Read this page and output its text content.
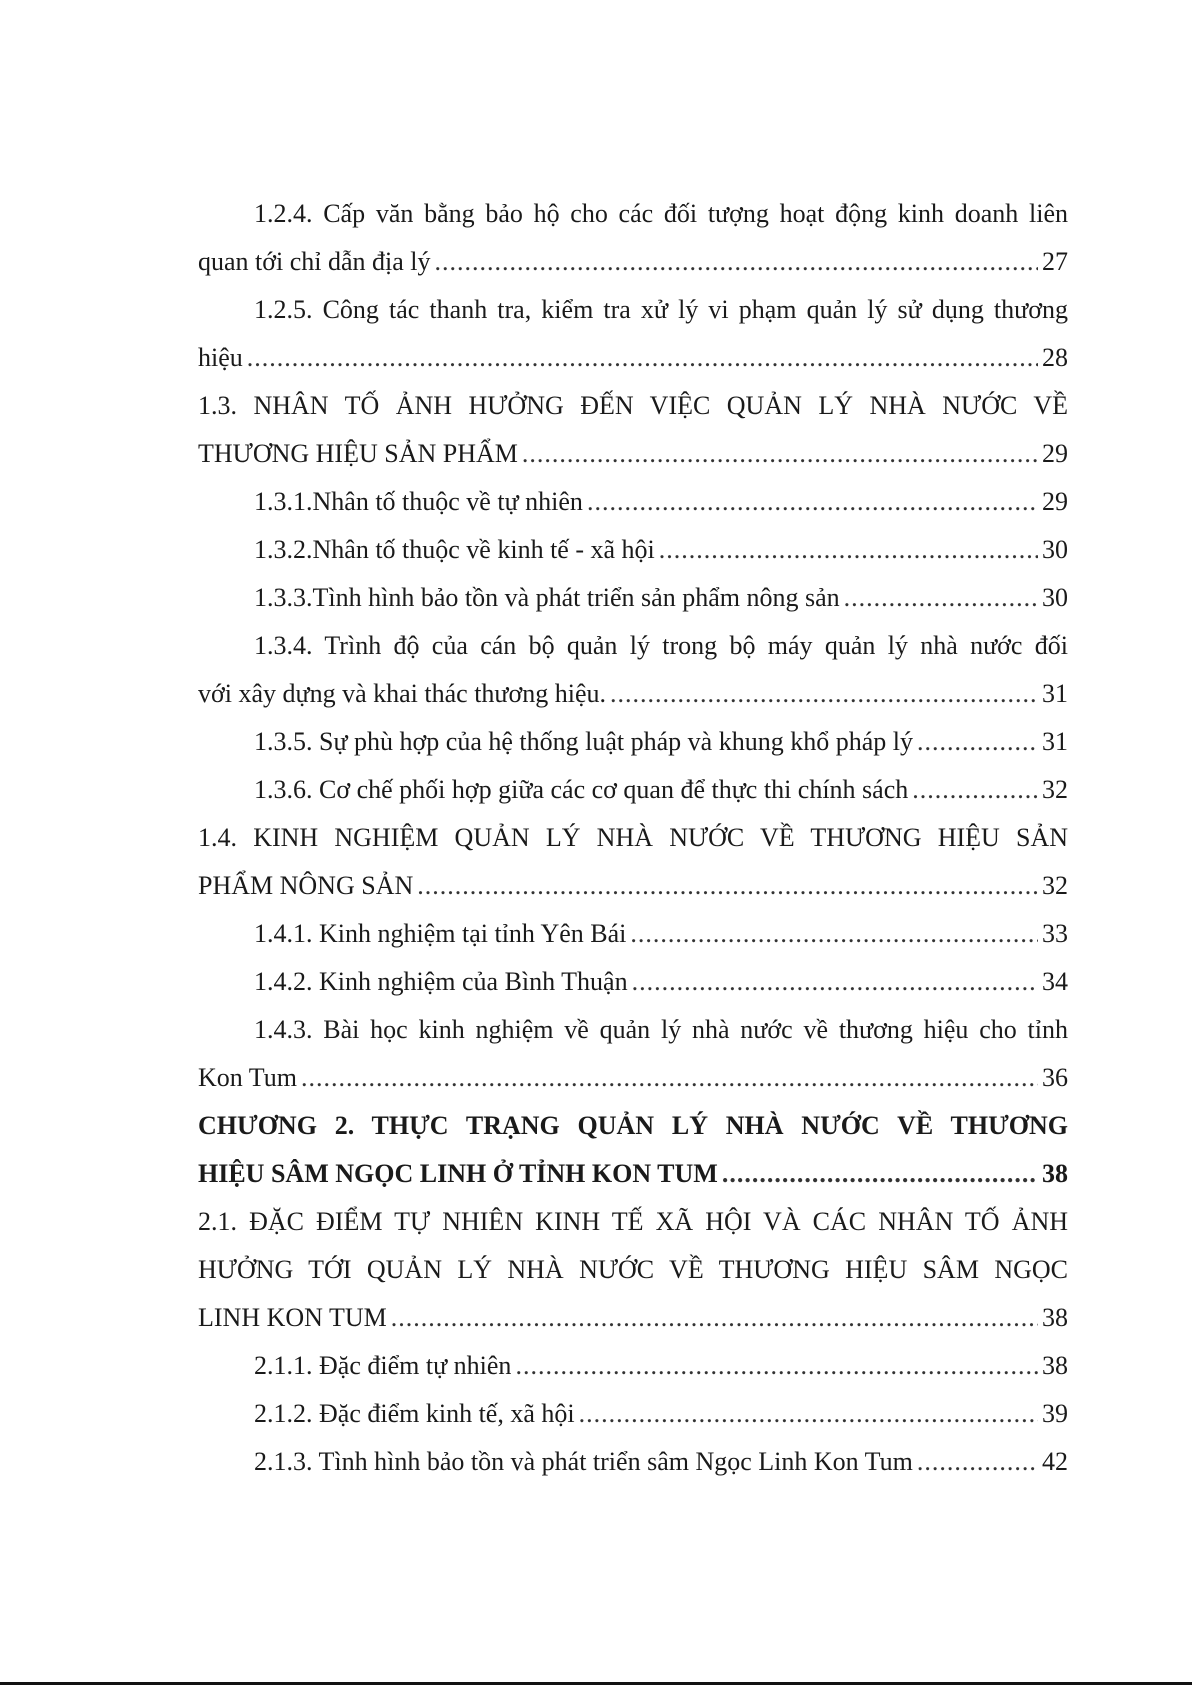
1.2.4. Cấp văn bằng bảo hộ cho các đối tượng hoạt động kinh doanh liên
quan tới chỉ dẫn địa lý .....	27
1.2.5. Công tác thanh tra, kiểm tra xử lý vi phạm quản lý sử dụng thương
hiệu .....	28
1.3. NHÂN TỐ ẢNH HƯỞNG ĐẾN VIỆC QUẢN LÝ NHÀ NƯỚC VỀ
THƯƠNG HIỆU SẢN PHẨM .....	29
1.3.1.Nhân tố thuộc về tự nhiên .....	29
1.3.2.Nhân tố thuộc về kinh tế - xã hội .....	30
1.3.3.Tình hình bảo tồn và phát triển sản phẩm nông sản .....	30
1.3.4. Trình độ của cán bộ quản lý trong bộ máy quản lý nhà nước đối
với xây dựng và khai thác thương hiệu. .....	31
1.3.5. Sự phù hợp của hệ thống luật pháp và khung khổ pháp lý .....	31
1.3.6. Cơ chế phối hợp giữa các cơ quan để thực thi chính sách .....	32
1.4. KINH NGHIỆM QUẢN LÝ NHÀ NƯỚC VỀ THƯƠNG HIỆU SẢN
PHẨM NÔNG SẢN .....	32
1.4.1. Kinh nghiệm tại tỉnh Yên Bái .....	33
1.4.2. Kinh nghiệm của Bình Thuận .....	34
1.4.3. Bài học kinh nghiệm về quản lý nhà nước về thương hiệu cho tỉnh
Kon Tum .....	36
CHƯƠNG 2. THỰC TRẠNG QUẢN LÝ NHÀ NƯỚC VỀ THƯƠNG
HIỆU SÂM NGỌC LINH Ở TỈNH KON TUM .....	38
2.1. ĐẶC ĐIỂM TỰ NHIÊN KINH TẾ XÃ HỘI VÀ CÁC NHÂN TỐ ẢNH
HƯỞNG TỚI QUẢN LÝ NHÀ NƯỚC VỀ THƯƠNG HIỆU SÂM NGỌC
LINH KON TUM .....	38
2.1.1. Đặc điểm tự nhiên .....	38
2.1.2. Đặc điểm kinh tế, xã hội .....	39
2.1.3. Tình hình bảo tồn và phát triển sâm Ngọc Linh Kon Tum .....	42
